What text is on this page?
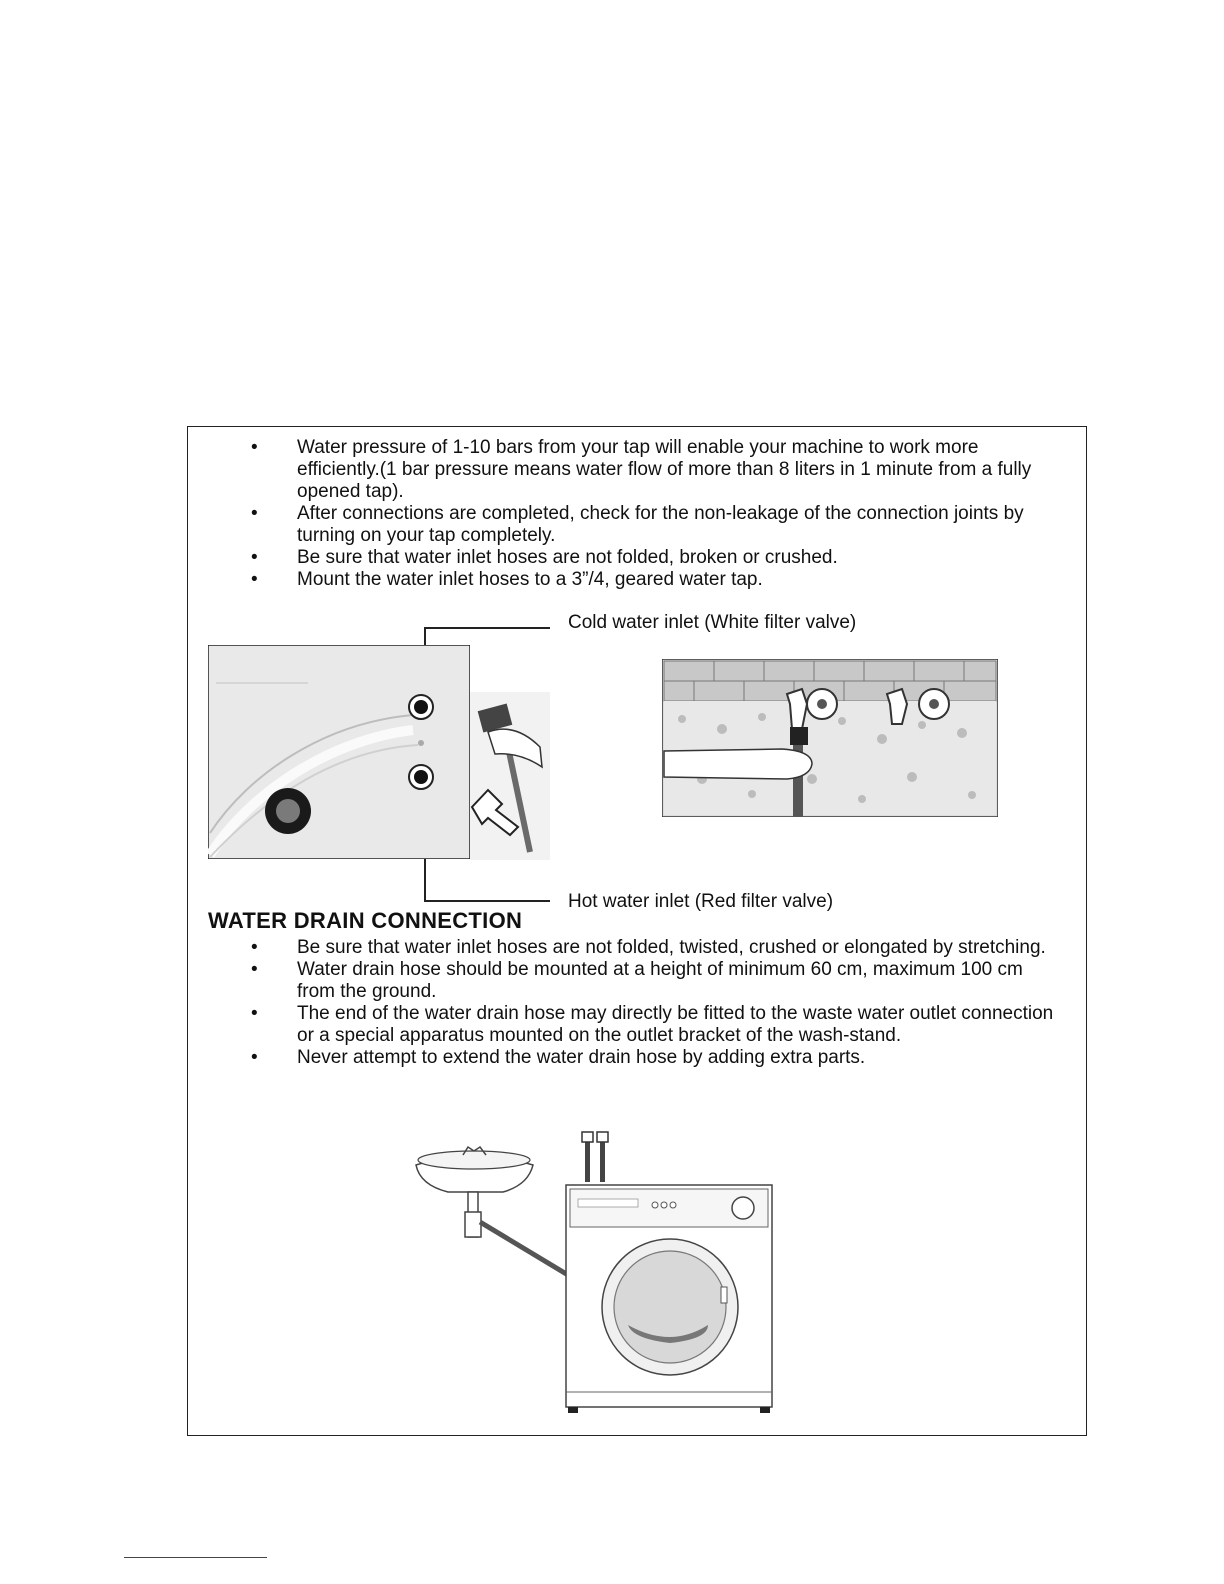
• Water pressure of 1-10 bars from your tap will enable your machine to work more efficiently.(1 bar pressure means water flow of more than 8 liters in 1 minute from a fully opened tap).
• After connections are completed, check for the non-leakage of the connection joints by turning on your tap completely.
• Be sure that water inlet hoses are not folded, broken or crushed.
• Mount the water inlet hoses to a 3”/4, geared water tap.
Cold water inlet (White filter valve)
Hot water inlet (Red filter valve)
WATER DRAIN CONNECTION
• Be sure that water inlet hoses are not folded, twisted, crushed or elongated by stretching.
• Water drain hose should be mounted at a height of minimum 60 cm, maximum 100 cm from the ground.
• The end of the water drain hose may directly be fitted to the waste water outlet connection or a special apparatus mounted on the outlet bracket of the wash-stand.
• Never attempt to extend the water drain hose by adding extra parts.
